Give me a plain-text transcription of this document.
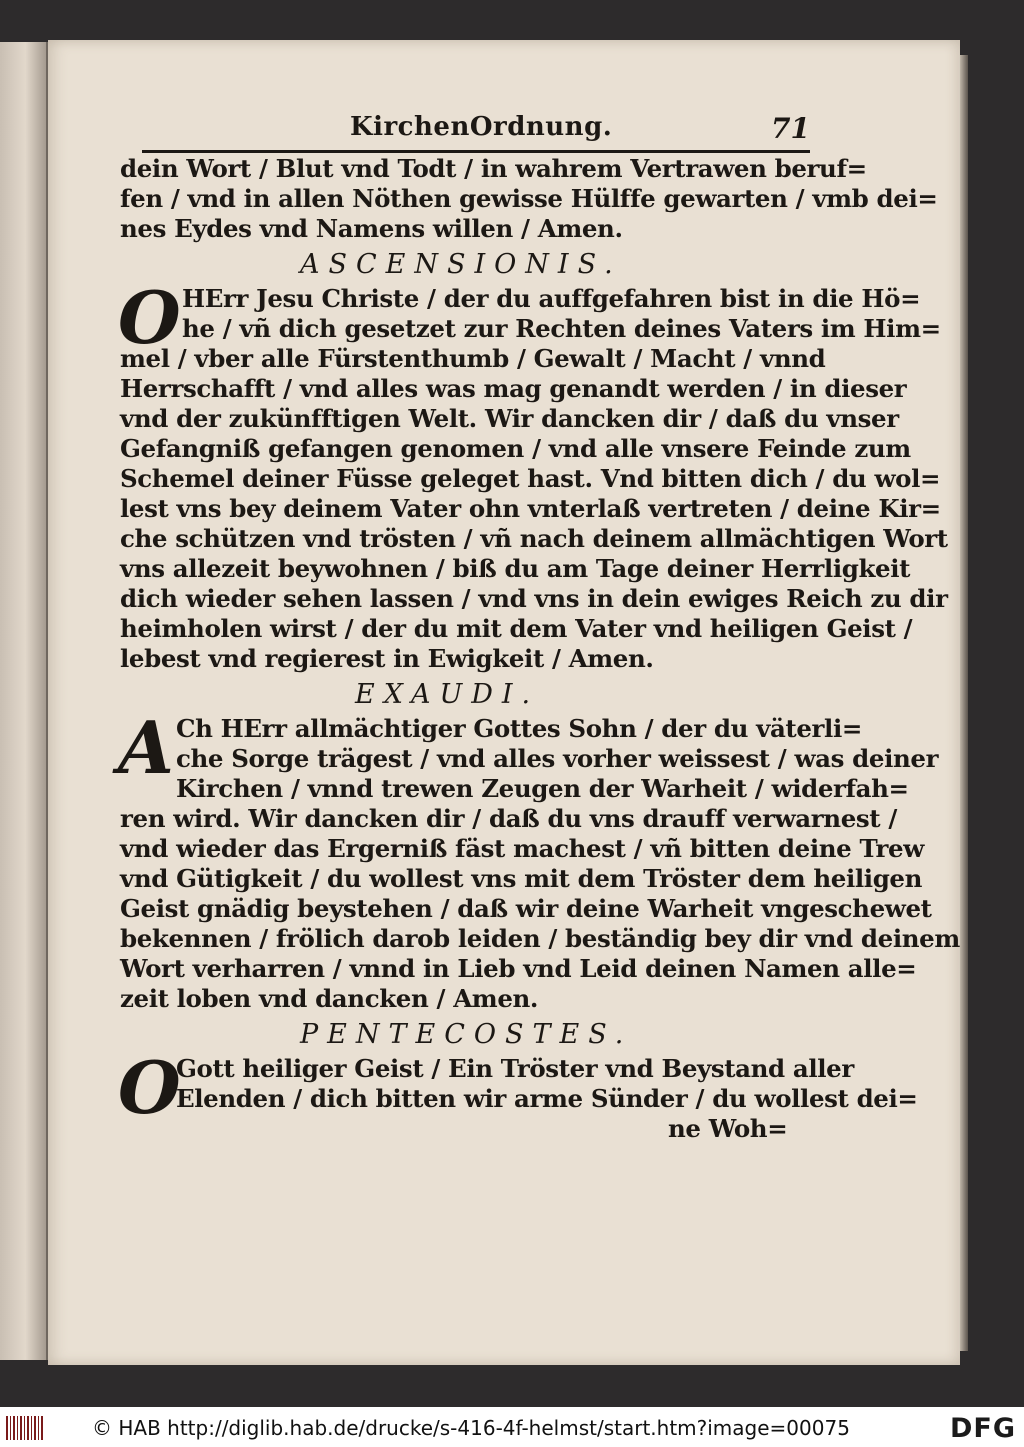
KirchenOrdnung.	71
dein Wort / Blut vnd Todt / in wahrem Vertrawen beruf=
fen / vnd in allen Nöthen gewisse Hülffe gewarten / vmb dei=
nes Eydes vnd Namens willen / Amen.
ASCENSIONIS.
O HErr Jesu Christe / der du auffgefahren bist in die Hö=
he / vñ dich gesetzet zur Rechten deines Vaters im Him=
mel / vber alle Fürstenthumb / Gewalt / Macht / vnnd
Herrschafft / vnd alles was mag genandt werden / in dieser
vnd der zukünfftigen Welt. Wir dancken dir / daß du vnser
Gefangniß gefangen genomen / vnd alle vnsere Feinde zum
Schemel deiner Füsse geleget hast. Vnd bitten dich / du wol=
lest vns bey deinem Vater ohn vnterlaß vertreten / deine Kir=
che schützen vnd trösten / vñ nach deinem allmächtigen Wort
vns allezeit beywohnen / biß du am Tage deiner Herrligkeit
dich wieder sehen lassen / vnd vns in dein ewiges Reich zu dir
heimholen wirst / der du mit dem Vater vnd heiligen Geist /
lebest vnd regierest in Ewigkeit / Amen.
EXAUDI.
A Ch HErr allmächtiger Gottes Sohn / der du väterli=
che Sorge trägest / vnd alles vorher weissest / was deiner
Kirchen / vnnd trewen Zeugen der Warheit / widerfah=
ren wird. Wir dancken dir / daß du vns drauff verwarnest /
vnd wieder das Ergerniß fäst machest / vñ bitten deine Trew
vnd Gütigkeit / du wollest vns mit dem Tröster dem heiligen
Geist gnädig beystehen / daß wir deine Warheit vngeschewet
bekennen / frölich darob leiden / beständig bey dir vnd deinem
Wort verharren / vnnd in Lieb vnd Leid deinen Namen alle=
zeit loben vnd dancken / Amen.
PENTECOSTES.
O
Gott heiliger Geist / Ein Tröster vnd Beystand aller
Elenden / dich bitten wir arme Sünder / du wollest dei=
ne Woh=
© HAB http://diglib.hab.de/drucke/s-416-4f-helmst/start.htm?image=00075	DFG
